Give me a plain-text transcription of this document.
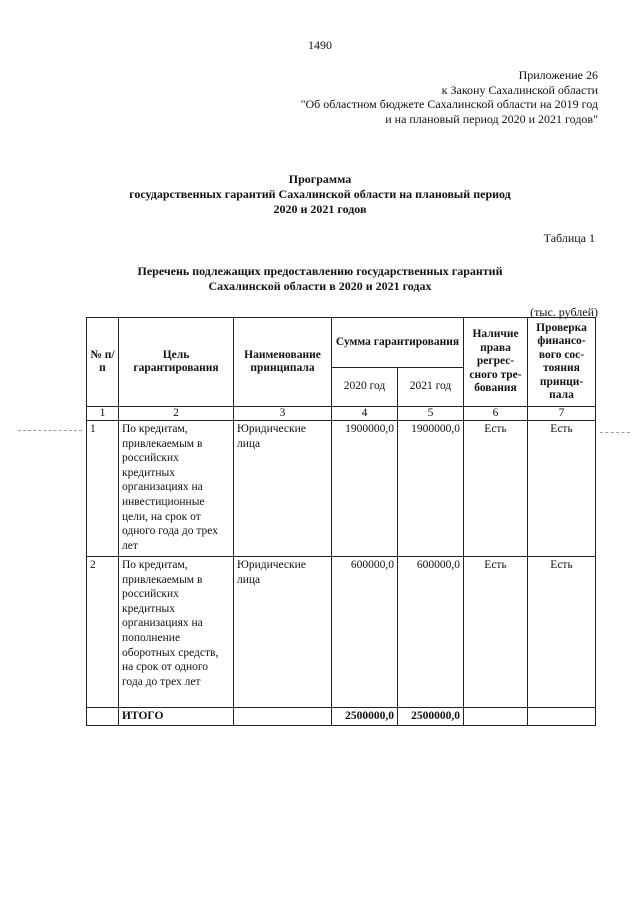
1490
Приложение 26
к Закону Сахалинской области
"Об областном бюджете Сахалинской области на 2019 год
и на плановый период 2020 и 2021 годов"
Программа
государственных гарантий Сахалинской области на плановый период
2020 и 2021 годов
Таблица 1
Перечень подлежащих предоставлению государственных гарантий
Сахалинской области в 2020 и 2021 годах
(тыс. рублей)
№ п/п	Цель гарантирования	Наименование принципала	Сумма гарантирования		Наличие права регрес-сного тре-бования	Проверка финансо-вого сос-тояния принци-пала
			2020 год	2021 год		
1	2	3	4	5	6	7
1	По кредитам, привлекаемым в российских кредитных организациях на инвестиционные цели, на срок от одного года до трех лет	Юридические лица	1900000,0	1900000,0	Есть	Есть
2	По кредитам, привлекаемым в российских кредитных организациях на пополнение оборотных средств, на срок от одного года до трех лет	Юридические лица	600000,0	600000,0	Есть	Есть
	ИТОГО		2500000,0	2500000,0		
